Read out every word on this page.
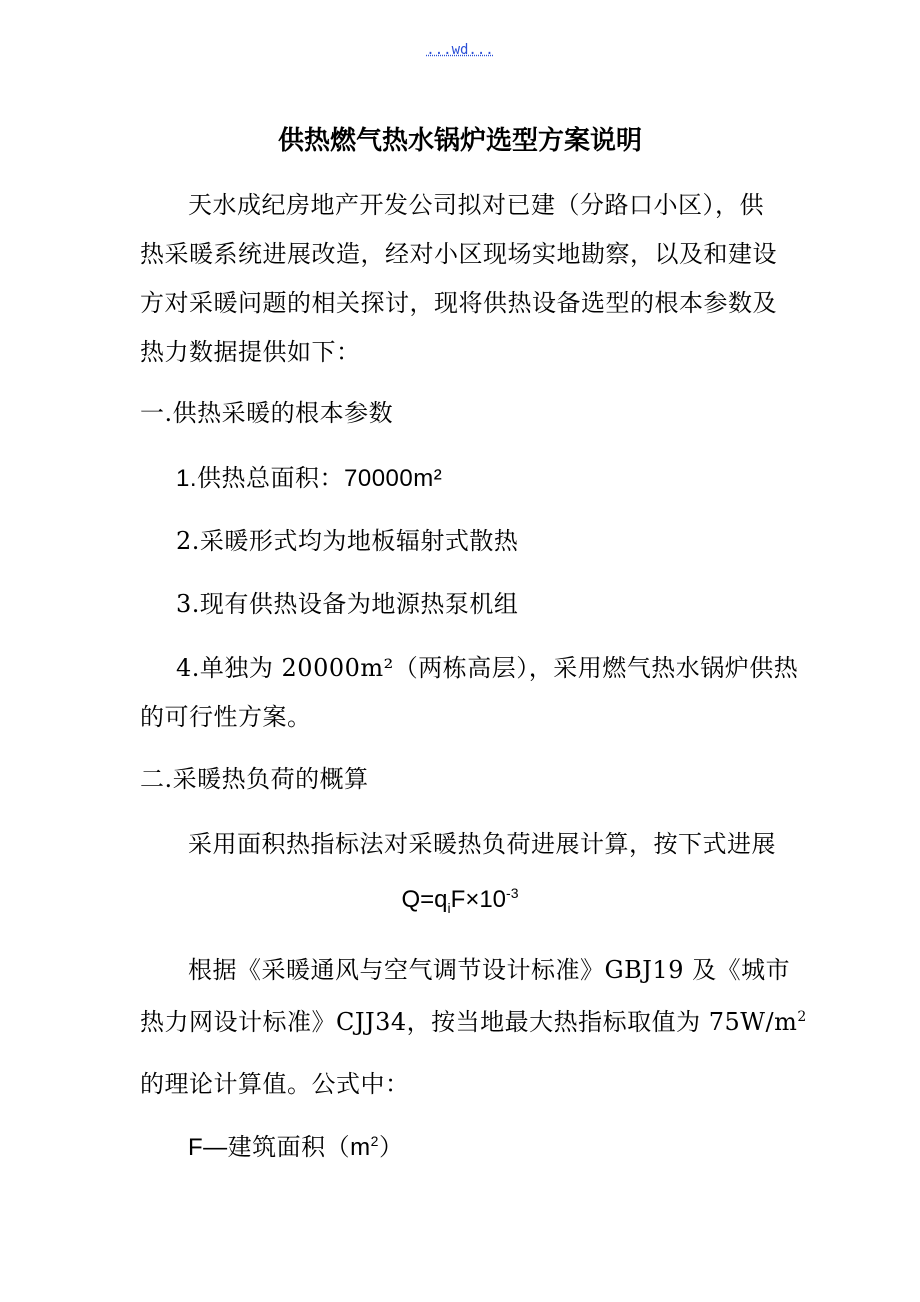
...wd...
供热燃气热水锅炉选型方案说明
天水成纪房地产开发公司拟对已建（分路口小区），供
热采暖系统进展改造，经对小区现场实地勘察，以及和建设
方对采暖问题的相关探讨，现将供热设备选型的根本参数及
热力数据提供如下：
一.供热采暖的根本参数
1.供热总面积：70000m²
2.采暖形式均为地板辐射式散热
3.现有供热设备为地源热泵机组
4.单独为 20000m²（两栋高层），采用燃气热水锅炉供热
的可行性方案。
二.采暖热负荷的概算
采用面积热指标法对采暖热负荷进展计算，按下式进展
$Q=q_iF\times 10^{-3}$
根据《采暖通风与空气调节设计标准》GBJ19 及《城市
热力网设计标准》CJJ34，按当地最大热指标取值为 $75W/m^2$
的理论计算值。公式中：
F—建筑面积$(m^2)$
